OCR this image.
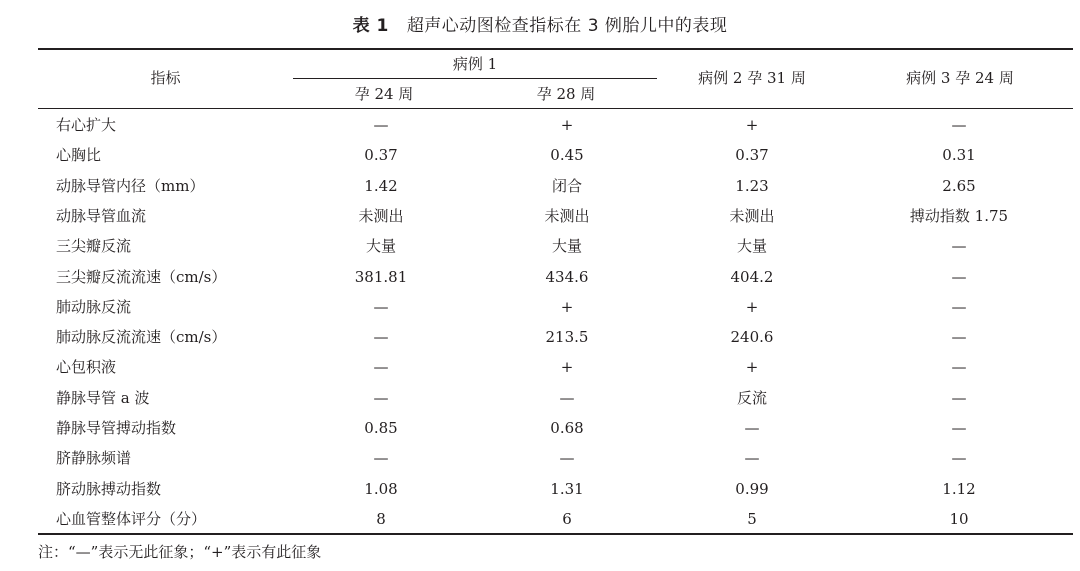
表 1 超声心动图检查指标在 3 例胎儿中的表现
指标
病例 1
孕 24 周	孕 28 周
病例 2 孕 31 周	病例 3 孕 24 周
右心扩大	—	+	+	—
心胸比	0.37	0.45	0.37	0.31
动脉导管内径（mm）	1.42	闭合	1.23	2.65
动脉导管血流	未测出	未测出	未测出	搏动指数 1.75
三尖瓣反流	大量	大量	大量	—
三尖瓣反流流速（cm/s）	381.81	434.6	404.2	—
肺动脉反流	—	+	+	—
肺动脉反流流速（cm/s）	—	213.5	240.6	—
心包积液	—	+	+	—
静脉导管 a 波	—	—	反流	—
静脉导管搏动指数	0.85	0.68	—	—
脐静脉频谱	—	—	—	—
脐动脉搏动指数	1.08	1.31	0.99	1.12
心血管整体评分（分）	8	6	5	10
注：“—”表示无此征象；“+”表示有此征象
